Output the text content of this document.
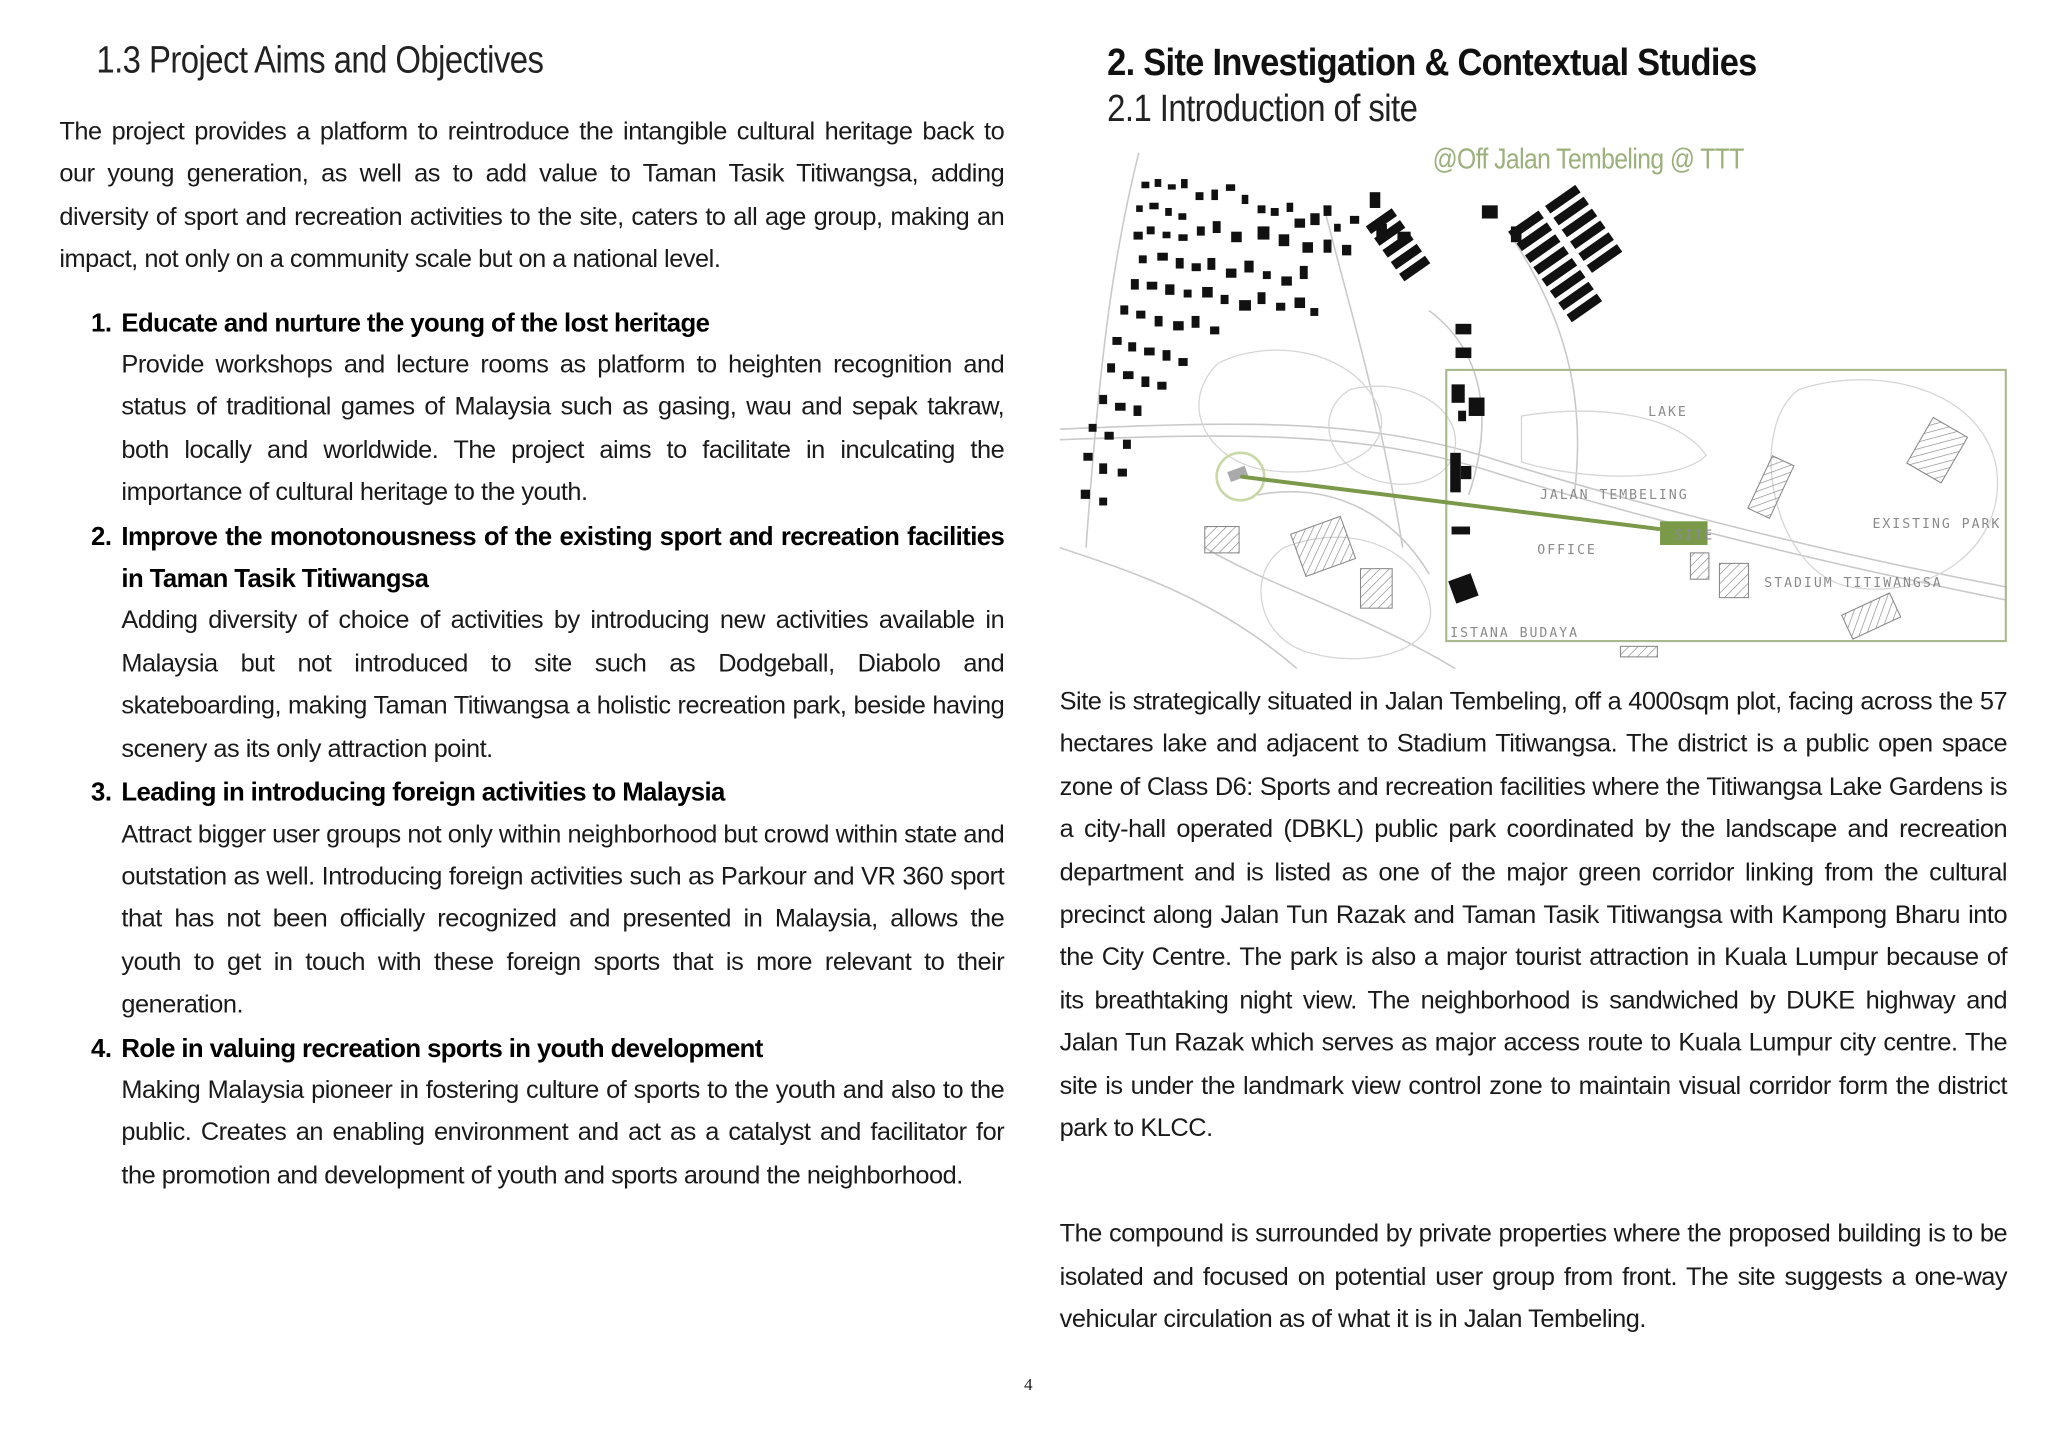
1.3 Project Aims and Objectives

The project provides a platform to reintroduce the intangible cultural heritage back to our young generation, as well as to add value to Taman Tasik Titiwangsa, adding diversity of sport and recreation activities to the site, caters to all age group, making an impact, not only on a community scale but on a national level.

1. Educate and nurture the young of the lost heritage

Provide workshops and lecture rooms as platform to heighten recognition and status of traditional games of Malaysia such as gasing, wau and sepak takraw, both locally and worldwide. The project aims to facilitate in inculcating the importance of cultural heritage to the youth.

2. Improve the monotonousness of the existing sport and recreation facilities in Taman Tasik Titiwangsa

Adding diversity of choice of activities by introducing new activities available in Malaysia but not introduced to site such as Dodgeball, Diabolo and skateboarding, making Taman Titiwangsa a holistic recreation park, beside having scenery as its only attraction point.

3. Leading in introducing foreign activities to Malaysia

Attract bigger user groups not only within neighborhood but crowd within state and outstation as well. Introducing foreign activities such as Parkour and VR 360 sport that has not been officially recognized and presented in Malaysia, allows the youth to get in touch with these foreign sports that is more relevant to their generation.

4. Role in valuing recreation sports in youth development

Making Malaysia pioneer in fostering culture of sports to the youth and also to the public. Creates an enabling environment and act as a catalyst and facilitator for the promotion and development of youth and sports around the neighborhood.

2. Site Investigation & Contextual Studies
2.1 Introduction of site
@Off Jalan Tembeling @ TTT
LAKE
JALAN TEMBELING
OFFICE
SITE
EXISTING PARK
STADIUM TITIWANGSA
ISTANA BUDAYA

Site is strategically situated in Jalan Tembeling, off a 4000sqm plot, facing across the 57 hectares lake and adjacent to Stadium Titiwangsa. The district is a public open space zone of Class D6: Sports and recreation facilities where the Titiwangsa Lake Gardens is a city-hall operated (DBKL) public park coordinated by the landscape and recreation department and is listed as one of the major green corridor linking from the cultural precinct along Jalan Tun Razak and Taman Tasik Titiwangsa with Kampong Bharu into the City Centre. The park is also a major tourist attraction in Kuala Lumpur because of its breathtaking night view. The neighborhood is sandwiched by DUKE highway and Jalan Tun Razak which serves as major access route to Kuala Lumpur city centre. The site is under the landmark view control zone to maintain visual corridor form the district park to KLCC.

The compound is surrounded by private properties where the proposed building is to be isolated and focused on potential user group from front. The site suggests a one-way vehicular circulation as of what it is in Jalan Tembeling.

4
